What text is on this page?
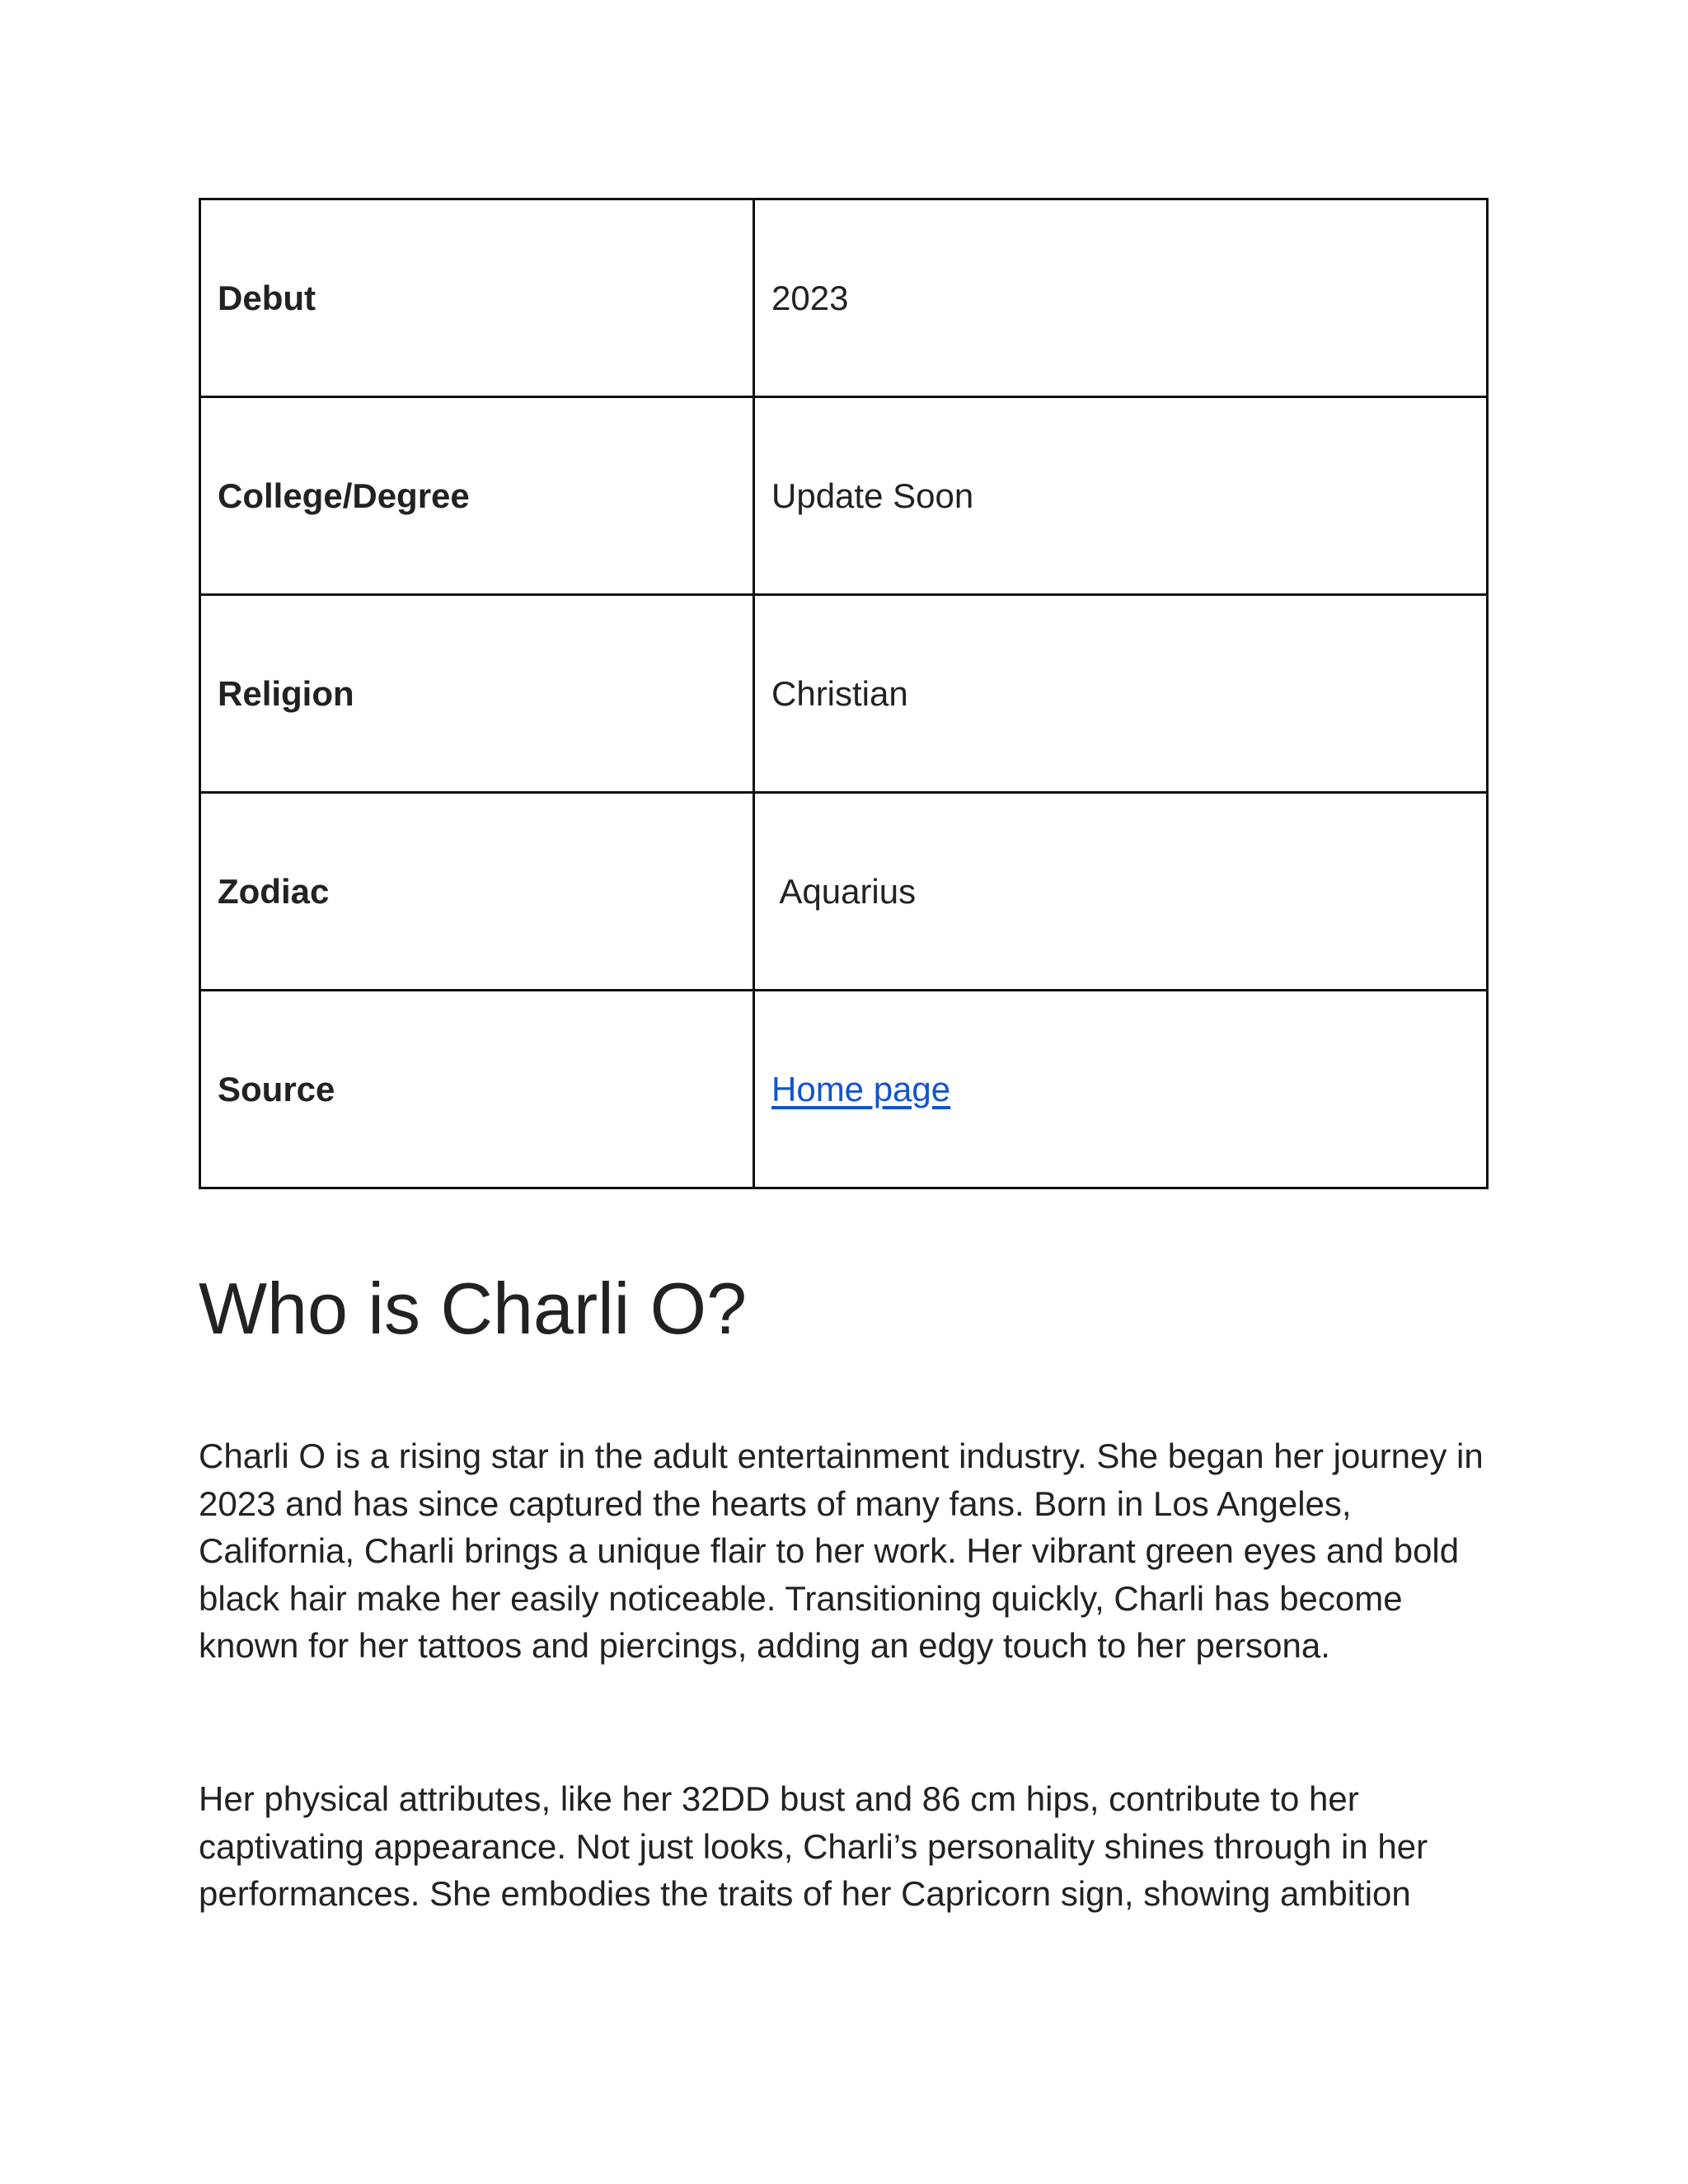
Debut	2023
College/Degree	Update Soon
Religion	Christian
Zodiac	Aquarius
Source	Home page
Who is Charli O?

Charli O is a rising star in the adult entertainment industry. She began her journey in 2023 and has since captured the hearts of many fans. Born in Los Angeles, California, Charli brings a unique flair to her work. Her vibrant green eyes and bold black hair make her easily noticeable. Transitioning quickly, Charli has become known for her tattoos and piercings, adding an edgy touch to her persona.

Her physical attributes, like her 32DD bust and 86 cm hips, contribute to her captivating appearance. Not just looks, Charli’s personality shines through in her performances. She embodies the traits of her Capricorn sign, showing ambition
